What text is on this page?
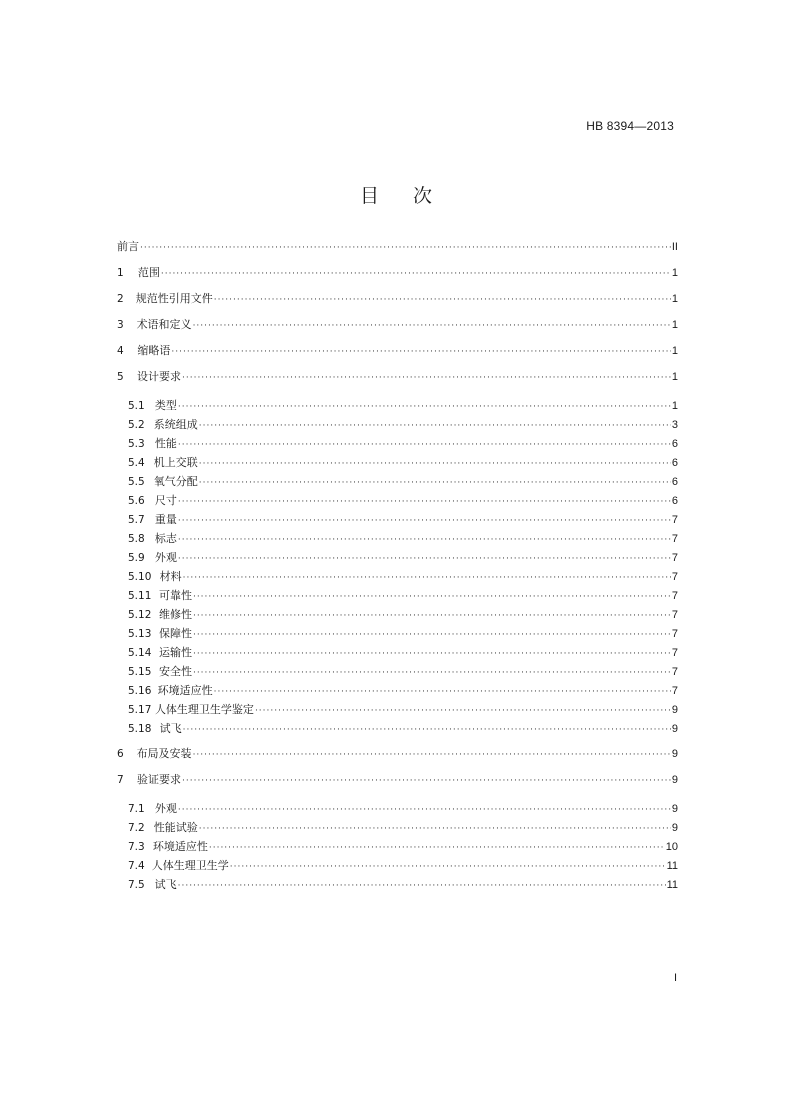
HB 8394—2013
目次
前言 ·····	II
1	范围 ·····	1
2	规范性引用文件 ·····	1
3	术语和定义 ·····	1
4	缩略语 ·····	1
5	设计要求 ·····	1
5.1 类型 ·····	1
5.2 系统组成 ·····	3
5.3 性能 ·····	6
5.4 机上交联 ·····	6
5.5 氧气分配 ·····	6
5.6 尺寸 ·····	6
5.7 重量 ·····	7
5.8 标志 ·····	7
5.9 外观 ·····	7
5.10 材料 ·····	7
5.11 可靠性 ·····	7
5.12 维修性 ·····	7
5.13 保障性 ·····	7
5.14 运输性 ·····	7
5.15 安全性 ·····	7
5.16 环境适应性 ·····	7
5.17 人体生理卫生学鉴定 ·····	9
5.18 试飞 ·····	9
6	布局及安装 ·····	9
7	验证要求 ·····	9
7.1 外观 ·····	9
7.2 性能试验 ·····	9
7.3 环境适应性 ·····	10
7.4 人体生理卫生学 ·····	11
7.5 试飞 ·····	11
I
